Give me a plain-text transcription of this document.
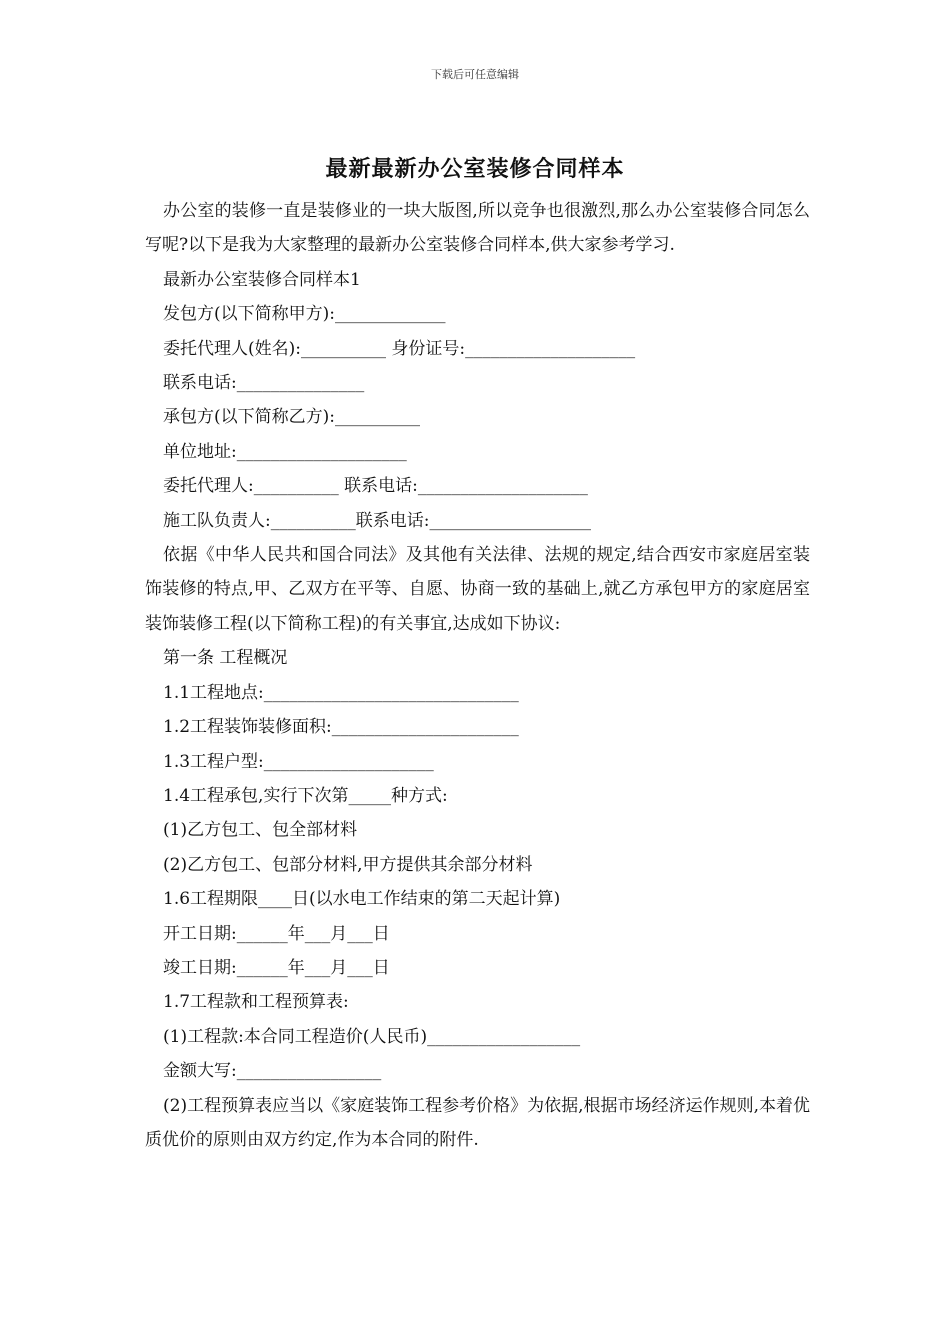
下载后可任意编辑
最新最新办公室装修合同样本

办公室的装修一直是装修业的一块大版图,所以竞争也很激烈,那么办公室装修合同怎么写呢?以下是我为大家整理的最新办公室装修合同样本,供大家参考学习.

最新办公室装修合同样本1

发包方(以下简称甲方):_____________

委托代理人(姓名):__________ 身份证号:____________________

联系电话:_______________

承包方(以下简称乙方):__________

单位地址:____________________

委托代理人:__________ 联系电话:____________________

施工队负责人:__________联系电话:___________________

依据《中华人民共和国合同法》及其他有关法律、法规的规定,结合西安市家庭居室装饰装修的特点,甲、乙双方在平等、自愿、协商一致的基础上,就乙方承包甲方的家庭居室装饰装修工程(以下简称工程)的有关事宜,达成如下协议:

第一条 工程概况

1.1工程地点:______________________________

1.2工程装饰装修面积:______________________

1.3工程户型:____________________

1.4工程承包,实行下次第_____种方式:

(1)乙方包工、包全部材料

(2)乙方包工、包部分材料,甲方提供其余部分材料

1.6工程期限____日(以水电工作结束的第二天起计算)

开工日期:______年___月___日

竣工日期:______年___月___日

1.7工程款和工程预算表:

(1)工程款:本合同工程造价(人民币)__________________

金额大写:_________________

(2)工程预算表应当以《家庭装饰工程参考价格》为依据,根据市场经济运作规则,本着优质优价的原则由双方约定,作为本合同的附件.
